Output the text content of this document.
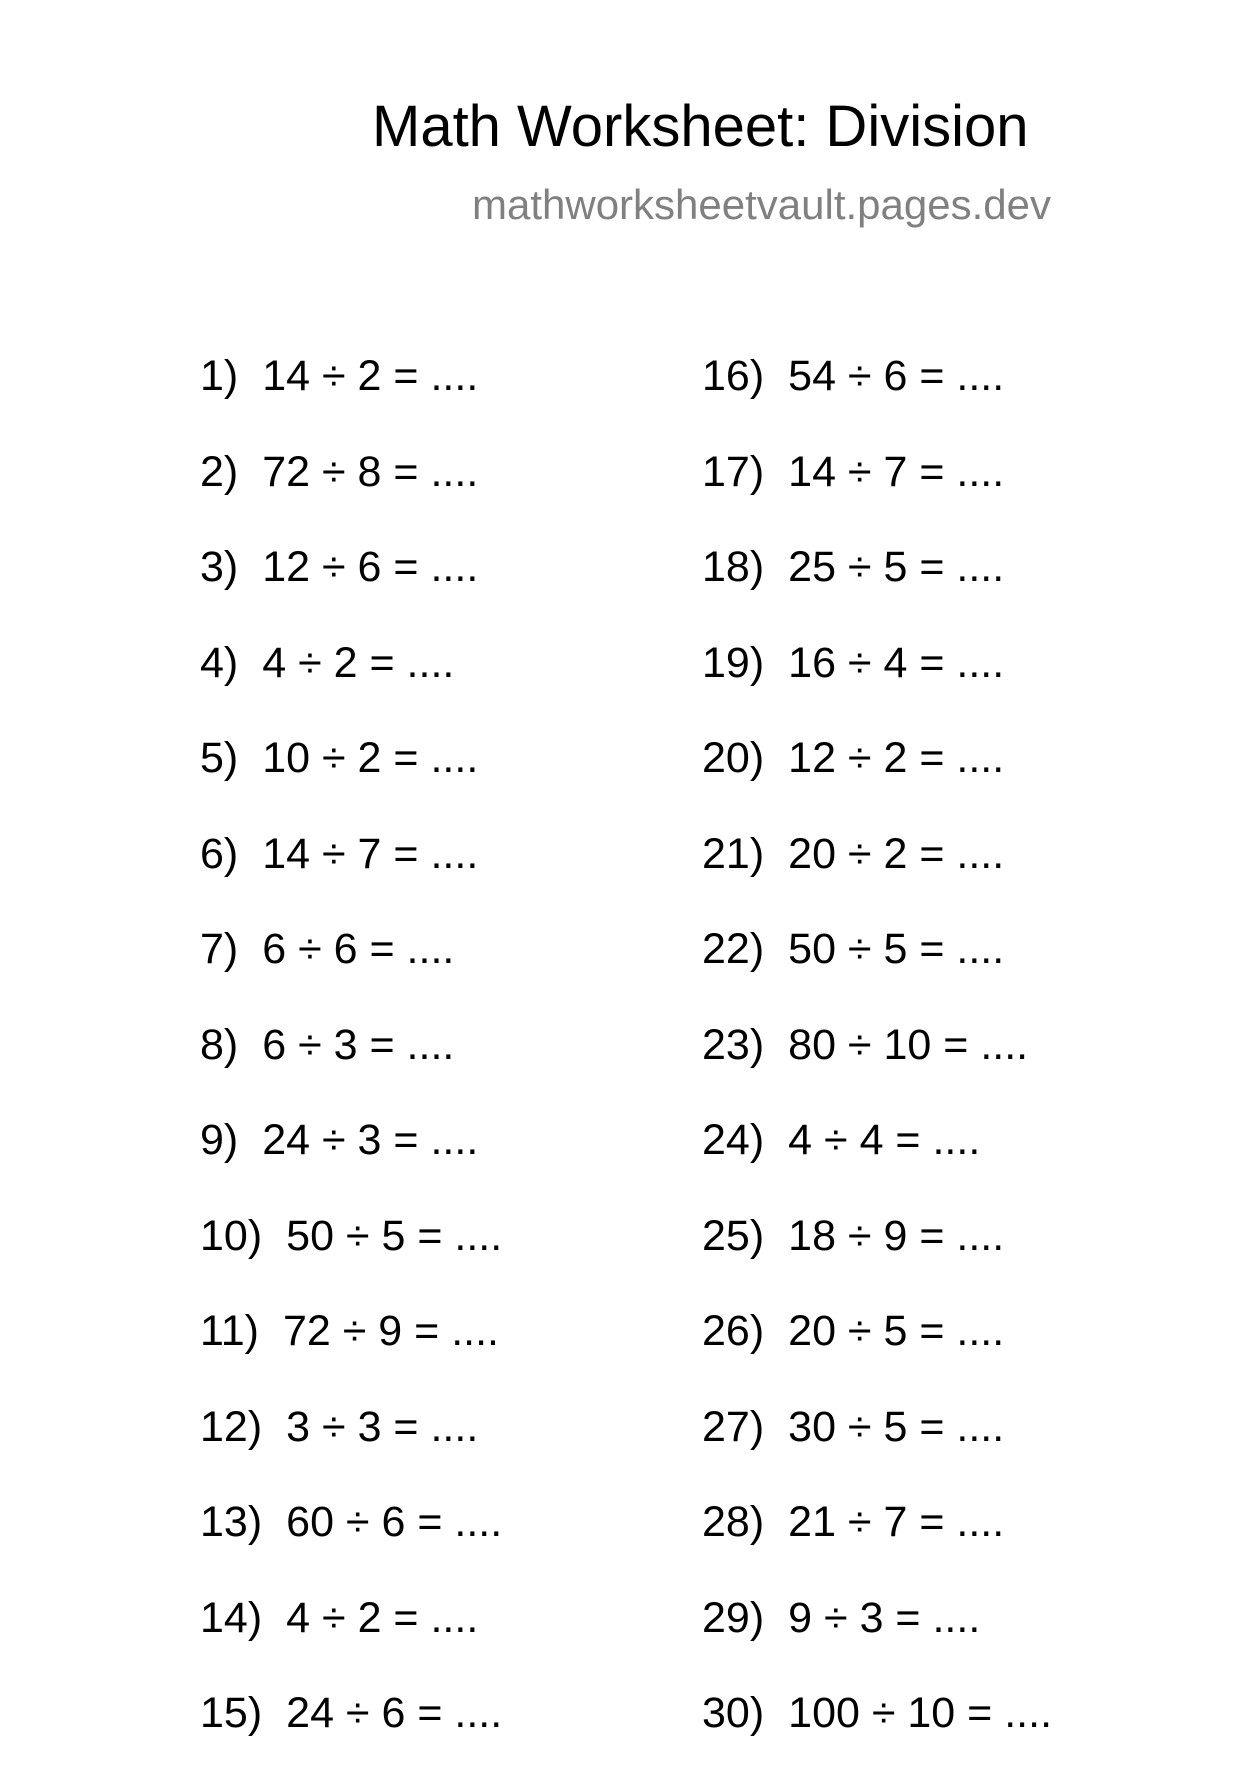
Math Worksheet: Division
mathworksheetvault.pages.dev
1) 14 ÷ 2 = ....
2) 72 ÷ 8 = ....
3) 12 ÷ 6 = ....
4) 4 ÷ 2 = ....
5) 10 ÷ 2 = ....
6) 14 ÷ 7 = ....
7) 6 ÷ 6 = ....
8) 6 ÷ 3 = ....
9) 24 ÷ 3 = ....
10) 50 ÷ 5 = ....
11) 72 ÷ 9 = ....
12) 3 ÷ 3 = ....
13) 60 ÷ 6 = ....
14) 4 ÷ 2 = ....
15) 24 ÷ 6 = ....
16) 54 ÷ 6 = ....
17) 14 ÷ 7 = ....
18) 25 ÷ 5 = ....
19) 16 ÷ 4 = ....
20) 12 ÷ 2 = ....
21) 20 ÷ 2 = ....
22) 50 ÷ 5 = ....
23) 80 ÷ 10 = ....
24) 4 ÷ 4 = ....
25) 18 ÷ 9 = ....
26) 20 ÷ 5 = ....
27) 30 ÷ 5 = ....
28) 21 ÷ 7 = ....
29) 9 ÷ 3 = ....
30) 100 ÷ 10 = ....
